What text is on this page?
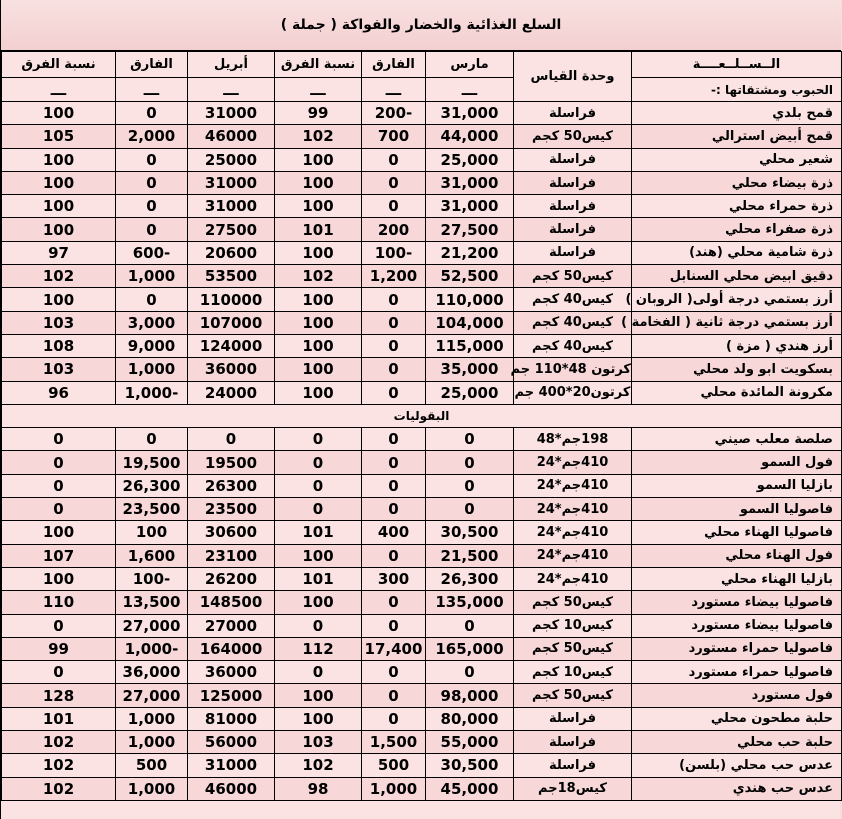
السلع الغذائية والخضار والفواكة ( جملة )
الــســلــعــــة	وحدة القياس	مارس	الفارق	نسبة الفرق	أبريل	الفارق	نسبة الفرق
الحبوب ومشتقاتها :-		ـــ	ـــ	ـــ	ـــ	ـــ	ـــ
قمح بلدي	فراسلة	31,000	-200	99	31000	0	100
قمح أبيض استرالي	كيس50 كجم	44,000	700	102	46000	2,000	105
شعير محلي	فراسلة	25,000	0	100	25000	0	100
ذرة بيضاء محلي	فراسلة	31,000	0	100	31000	0	100
ذرة حمراء محلي	فراسلة	31,000	0	100	31000	0	100
ذرة صفراء محلي	فراسلة	27,500	200	101	27500	0	100
ذرة شامية محلي (هند)	فراسلة	21,200	-100	100	20600	-600	97
دقيق ابيض محلي السنابل	كيس50 كجم	52,500	1,200	102	53500	1,000	102
أرز بستمي درجة أولى( الروبان )	كيس40 كجم	110,000	0	100	110000	0	100
أرز بستمي درجة ثانية ( الفخامة )	كيس40 كجم	104,000	0	100	107000	3,000	103
أرز هندي ( مزة )	كيس40 كجم	115,000	0	100	124000	9,000	108
بسكويت ابو ولد محلي	كرتون 48*110 جم	35,000	0	100	36000	1,000	103
مكرونة المائدة محلي	كرتون20*400 جم	25,000	0	100	24000	-1,000	96
البقوليات							
صلصة معلب صيني	198جم*48	0	0	0	0	0	0
فول السمو	410جم*24	0	0	0	19500	19,500	0
بازليا السمو	410جم*24	0	0	0	26300	26,300	0
فاصوليا السمو	410جم*24	0	0	0	23500	23,500	0
فاصوليا الهناء محلي	410جم*24	30,500	400	101	30600	100	100
فول الهناء محلي	410جم*24	21,500	0	100	23100	1,600	107
بازليا الهناء محلي	410جم*24	26,300	300	101	26200	-100	100
فاصوليا بيضاء مستورد	كيس50 كجم	135,000	0	100	148500	13,500	110
فاصوليا بيضاء مستورد	كيس10 كجم	0	0	0	27000	27,000	0
فاصوليا حمراء مستورد	كيس50 كجم	165,000	17,400	112	164000	-1,000	99
فاصوليا حمراء مستورد	كيس10 كجم	0	0	0	36000	36,000	0
فول مستورد	كيس50 كجم	98,000	0	100	125000	27,000	128
حلبة مطحون محلي	فراسلة	80,000	0	100	81000	1,000	101
حلبة حب محلي	فراسلة	55,000	1,500	103	56000	1,000	102
عدس حب محلي (بلسن)	فراسلة	30,500	500	102	31000	500	102
عدس حب هندي	كيس18جم	45,000	1,000	98	46000	1,000	102
